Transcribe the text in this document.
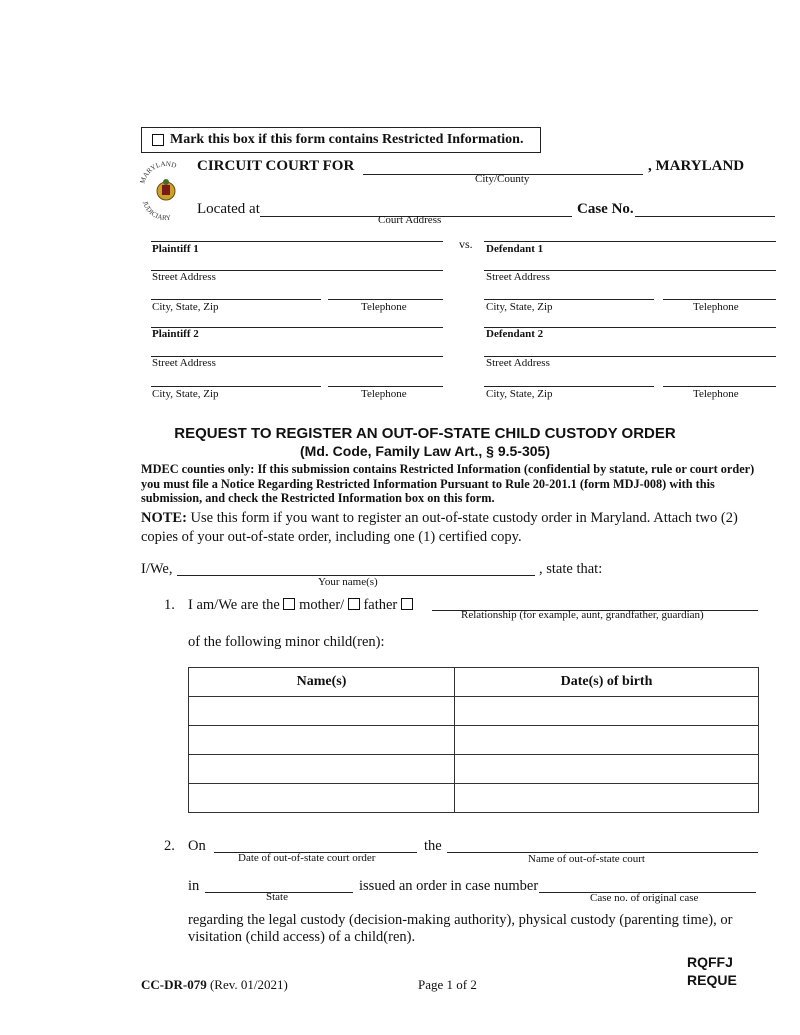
Mark this box if this form contains Restricted Information.
MARYLAND
JUDICIARY
CIRCUIT COURT FOR	, MARYLAND
City/County
Located at
Court Address
Case No.
Plaintiff 1	vs. Defendant 1
Street Address	Street Address
City, State, Zip	Telephone	City, State, Zip	Telephone
Plaintiff 2	Defendant 2
Street Address	Street Address
City, State, Zip	Telephone	City, State, Zip	Telephone
REQUEST TO REGISTER AN OUT-OF-STATE CHILD CUSTODY ORDER
(Md. Code, Family Law Art., § 9.5-305)
MDEC counties only: If this submission contains Restricted Information (confidential by statute, rule or court order) you must file a Notice Regarding Restricted Information Pursuant to Rule 20-201.1 (form MDJ-008) with this submission, and check the Restricted Information box on this form.
NOTE: Use this form if you want to register an out-of-state custody order in Maryland. Attach two (2) copies of your out-of-state order, including one (1) certified copy.
I/We,	, state that:
Your name(s)
1. I am/We are the mother/ father
Relationship (for example, aunt, grandfather, guardian)
of the following minor child(ren):
Name(s)	Date(s) of birth

2. On
Date of out-of-state court order
the
Name of out-of-state court
in
State
issued an order in case number
Case no. of original case
regarding the legal custody (decision-making authority), physical custody (parenting time), or visitation (child access) of a child(ren).
CC-DR-079 (Rev. 01/2021)	Page 1 of 2
RQFFJ
REQUE
